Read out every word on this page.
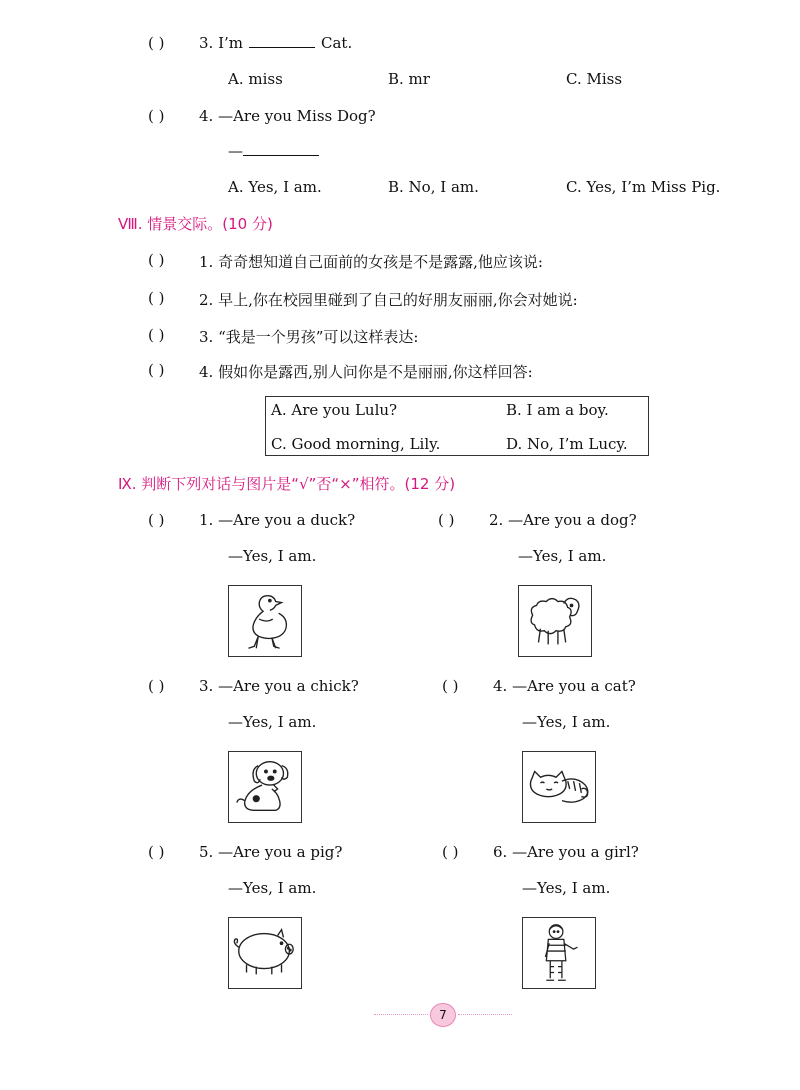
( ) 3. I’m	Cat.
A. miss	B. mr	C. Miss
( ) 4. —Are you Miss Dog?
—
A. Yes, I am.	B. No, I am.	C. Yes, I’m Miss Pig.
Ⅷ. 情景交际。(10 分)
( ) 1. 奇奇想知道自己面前的女孩是不是露露,他应该说:
( ) 2. 早上,你在校园里碰到了自己的好朋友丽丽,你会对她说:
( ) 3. “我是一个男孩”可以这样表达:
( ) 4. 假如你是露西,别人问你是不是丽丽,你这样回答:
A. Are you Lulu?	B. I am a boy.
C. Good morning, Lily.	D. No, I’m Lucy.
Ⅸ. 判断下列对话与图片是“√”否“×”相符。(12 分)
( ) 1. —Are you a duck?
—Yes, I am.
( ) 2. —Are you a dog?
—Yes, I am.
( ) 3. —Are you a chick?
—Yes, I am.
( ) 4. —Are you a cat?
—Yes, I am.
( ) 5. —Are you a pig?
—Yes, I am.
( ) 6. —Are you a girl?
—Yes, I am.
7
